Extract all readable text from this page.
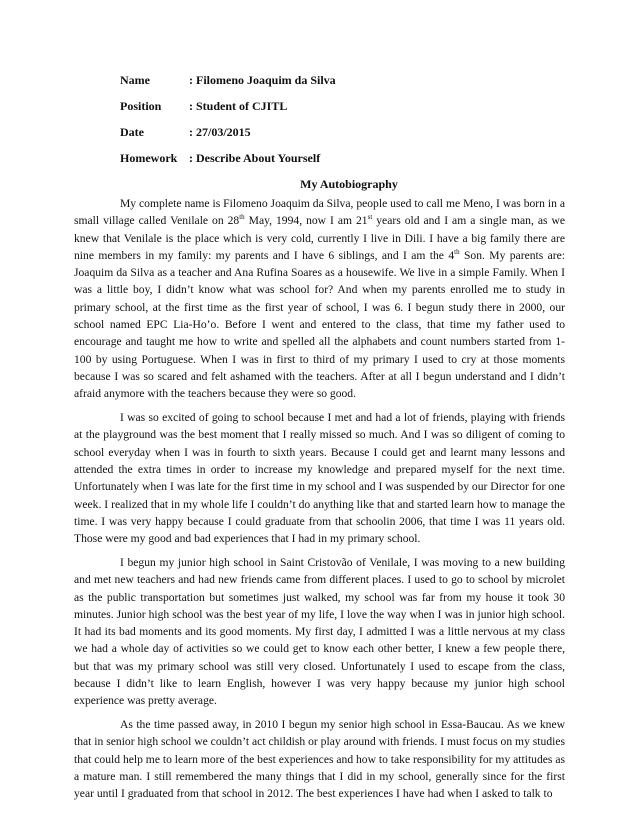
Name	: Filomeno Joaquim da Silva
Position : Student of CJITL
Date	: 27/03/2015
Homework : Describe About Yourself
My Autobiography

My complete name is Filomeno Joaquim da Silva, people used to call me Meno, I was born in a small village called Venilale on 28th May, 1994, now I am 21st years old and I am a single man, as we knew that Venilale is the place which is very cold, currently I live in Dili. I have a big family there are nine members in my family: my parents and I have 6 siblings, and I am the 4th Son. My parents are: Joaquim da Silva as a teacher and Ana Rufina Soares as a housewife. We live in a simple Family. When I was a little boy, I didn’t know what was school for? And when my parents enrolled me to study in primary school, at the first time as the first year of school, I was 6. I begun study there in 2000, our school named EPC Lia-Ho’o. Before I went and entered to the class, that time my father used to encourage and taught me how to write and spelled all the alphabets and count numbers started from 1-100 by using Portuguese. When I was in first to third of my primary I used to cry at those moments because I was so scared and felt ashamed with the teachers. After at all I begun understand and I didn’t afraid anymore with the teachers because they were so good.

I was so excited of going to school because I met and had a lot of friends, playing with friends at the playground was the best moment that I really missed so much. And I was so diligent of coming to school everyday when I was in fourth to sixth years. Because I could get and learnt many lessons and attended the extra times in order to increase my knowledge and prepared myself for the next time. Unfortunately when I was late for the first time in my school and I was suspended by our Director for one week. I realized that in my whole life I couldn’t do anything like that and started learn how to manage the time. I was very happy because I could graduate from that schoolin 2006, that time I was 11 years old. Those were my good and bad experiences that I had in my primary school.

I begun my junior high school in Saint Cristovão of Venilale, I was moving to a new building and met new teachers and had new friends came from different places. I used to go to school by microlet as the public transportation but sometimes just walked, my school was far from my house it took 30 minutes. Junior high school was the best year of my life, I love the way when I was in junior high school. It had its bad moments and its good moments. My first day, I admitted I was a little nervous at my class we had a whole day of activities so we could get to know each other better, I knew a few people there, but that was my primary school was still very closed. Unfortunately I used to escape from the class, because I didn’t like to learn English, however I was very happy because my junior high school experience was pretty average.

As the time passed away, in 2010 I begun my senior high school in Essa-Baucau. As we knew that in senior high school we couldn’t act childish or play around with friends. I must focus on my studies that could help me to learn more of the best experiences and how to take responsibility for my attitudes as a mature man. I still remembered the many things that I did in my school, generally since for the first year until I graduated from that school in 2012. The best experiences I have had when I asked to talk to
